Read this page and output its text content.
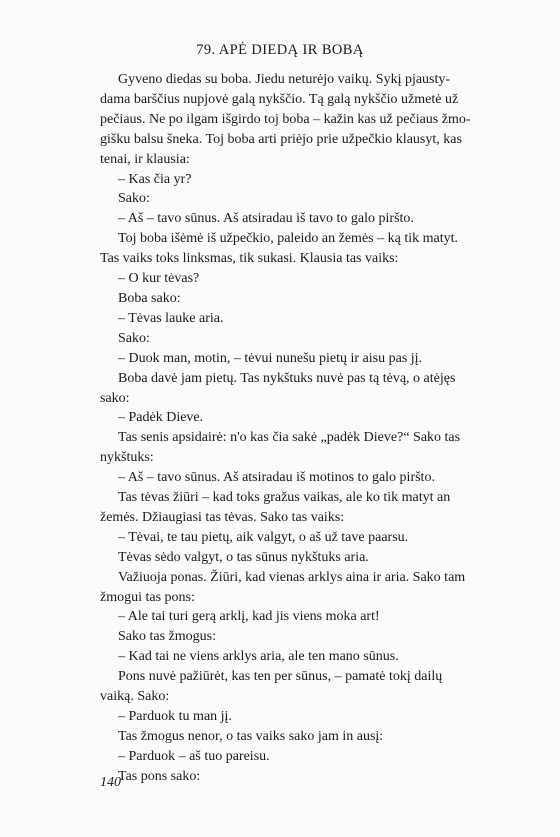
79. APĖ DIEDĄ IR BOBĄ
Gyveno diedas su boba. Jiedu neturėjo vaikų. Sykį pjausty-
dama barščius nupjovė galą nykščio. Tą galą nykščio užmetė už
pečiaus. Ne po ilgam išgirdo toj boba – kažin kas už pečiaus žmo-
gišku balsu šneka. Toj boba arti priėjo prie užpečkio klausyt, kas
tenai, ir klausia:
– Kas čia yr?
Sako:
– Aš – tavo sūnus. Aš atsiradau iš tavo to galo piršto.
Toj boba išėmė iš užpečkio, paleido an žemės – ką tik matyt.
Tas vaiks toks linksmas, tik sukasi. Klausia tas vaiks:
– O kur tėvas?
Boba sako:
– Tėvas lauke aria.
Sako:
– Duok man, motin, – tėvui nunešu pietų ir aisu pas jį.
Boba davė jam pietų. Tas nykštuks nuvė pas tą tėvą, o atėjęs
sako:
– Padėk Dieve.
Tas senis apsidairė: n'o kas čia sakė „padėk Dieve?“ Sako tas
nykštuks:
– Aš – tavo sūnus. Aš atsiradau iš motinos to galo piršto.
Tas tėvas žiūri – kad toks gražus vaikas, ale ko tik matyt an
žemės. Džiaugiasi tas tėvas. Sako tas vaiks:
– Tėvai, te tau pietų, aik valgyt, o aš už tave paarsu.
Tėvas sėdo valgyt, o tas sūnus nykštuks aria.
Važiuoja ponas. Žiūri, kad vienas arklys aina ir aria. Sako tam
žmogui tas pons:
– Ale tai turi gerą arklį, kad jis viens moka art!
Sako tas žmogus:
– Kad tai ne viens arklys aria, ale ten mano sūnus.
Pons nuvė pažiūrėt, kas ten per sūnus, – pamatė tokį dailų
vaiką. Sako:
– Parduok tu man jį.
Tas žmogus nenor, o tas vaiks sako jam in ausį:
– Parduok – aš tuo pareisu.
Tas pons sako:
140
